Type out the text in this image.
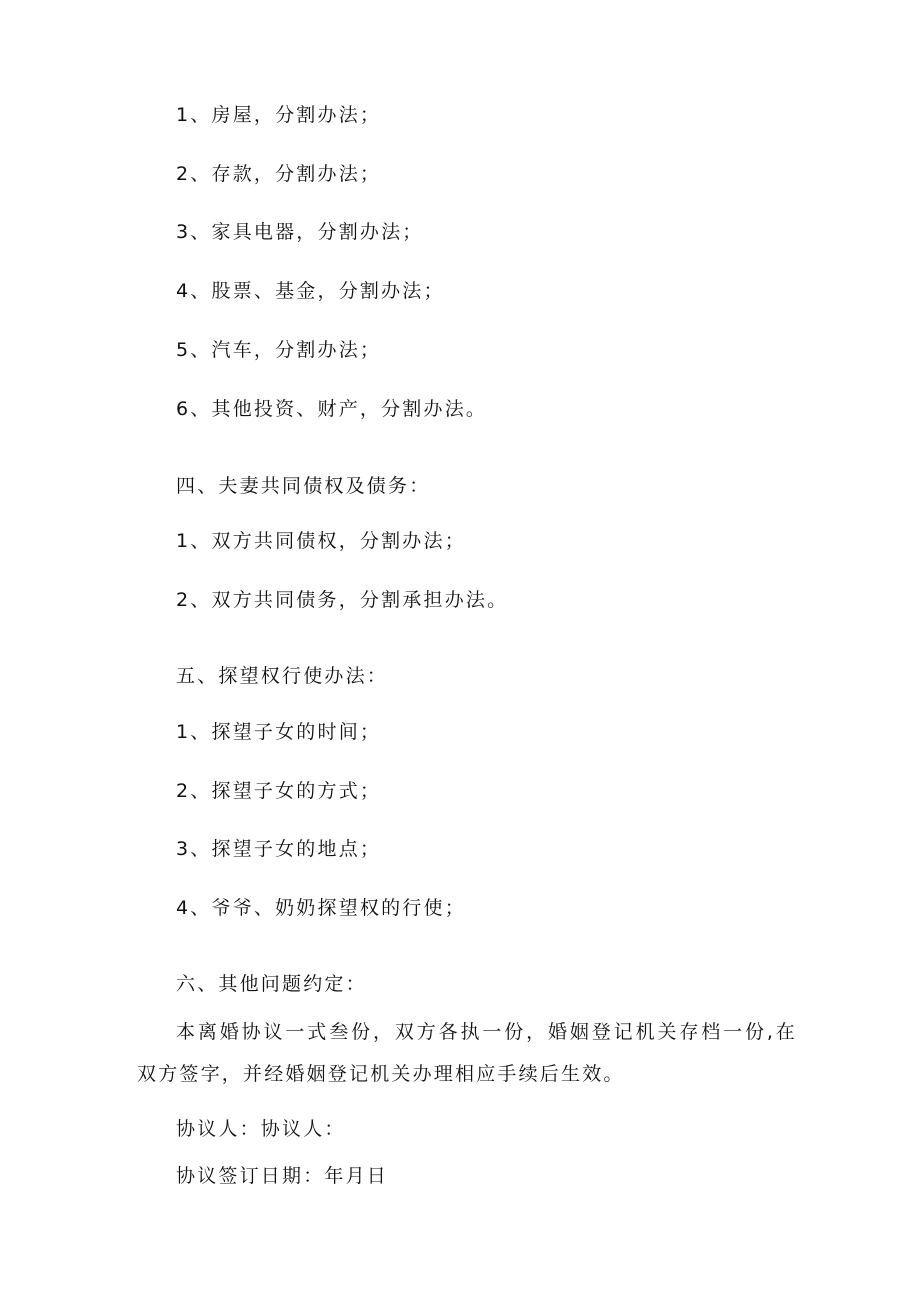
1、房屋，分割办法；
2、存款，分割办法；
3、家具电器，分割办法；
4、股票、基金，分割办法；
5、汽车，分割办法；
6、其他投资、财产，分割办法。
四、夫妻共同债权及债务：
1、双方共同债权，分割办法；
2、双方共同债务，分割承担办法。
五、探望权行使办法：
1、探望子女的时间；
2、探望子女的方式；
3、探望子女的地点；
4、爷爷、奶奶探望权的行使；
六、其他问题约定：
本离婚协议一式叁份，双方各执一份，婚姻登记机关存档一份,在双方签字，并经婚姻登记机关办理相应手续后生效。
协议人：协议人：
协议签订日期：年月日
